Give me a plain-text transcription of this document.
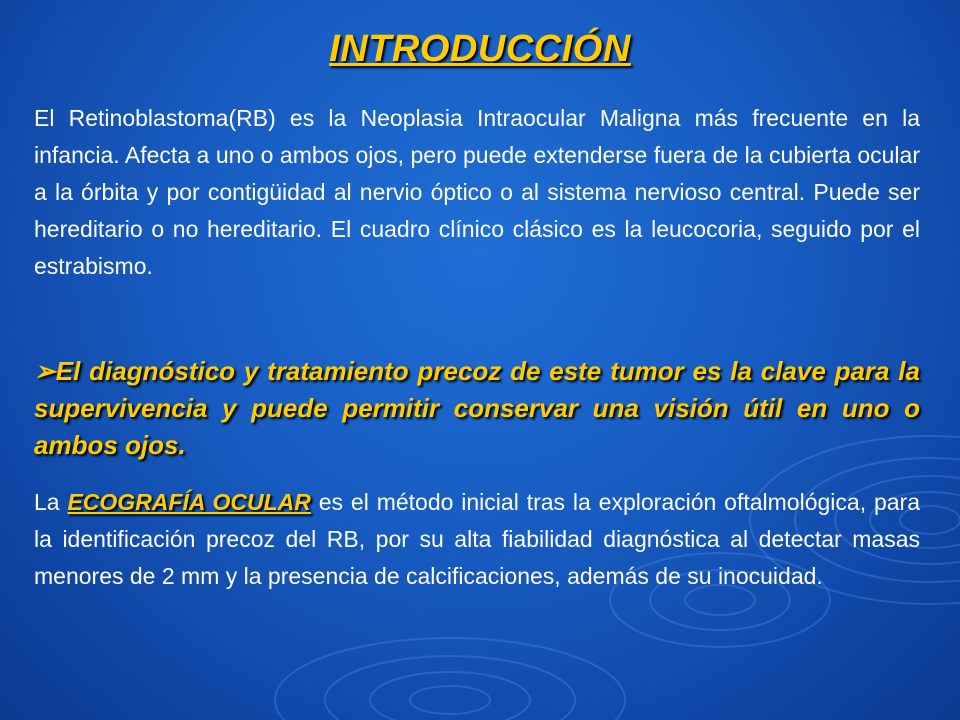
INTRODUCCIÓN
El Retinoblastoma(RB) es la Neoplasia Intraocular Maligna más frecuente en la infancia. Afecta a uno o ambos ojos, pero puede extenderse fuera de la cubierta ocular a la órbita y por contigüidad al nervio óptico o al sistema nervioso central. Puede ser hereditario o no hereditario. El cuadro clínico clásico es la leucocoria, seguido por el estrabismo.
➢El diagnóstico y tratamiento precoz de este tumor es la clave para la supervivencia y puede permitir conservar una visión útil en uno o ambos ojos.
La ECOGRAFÍA OCULAR es el método inicial tras la exploración oftalmológica, para la identificación precoz del RB, por su alta fiabilidad diagnóstica al detectar masas menores de 2 mm y la presencia de calcificaciones, además de su inocuidad.
